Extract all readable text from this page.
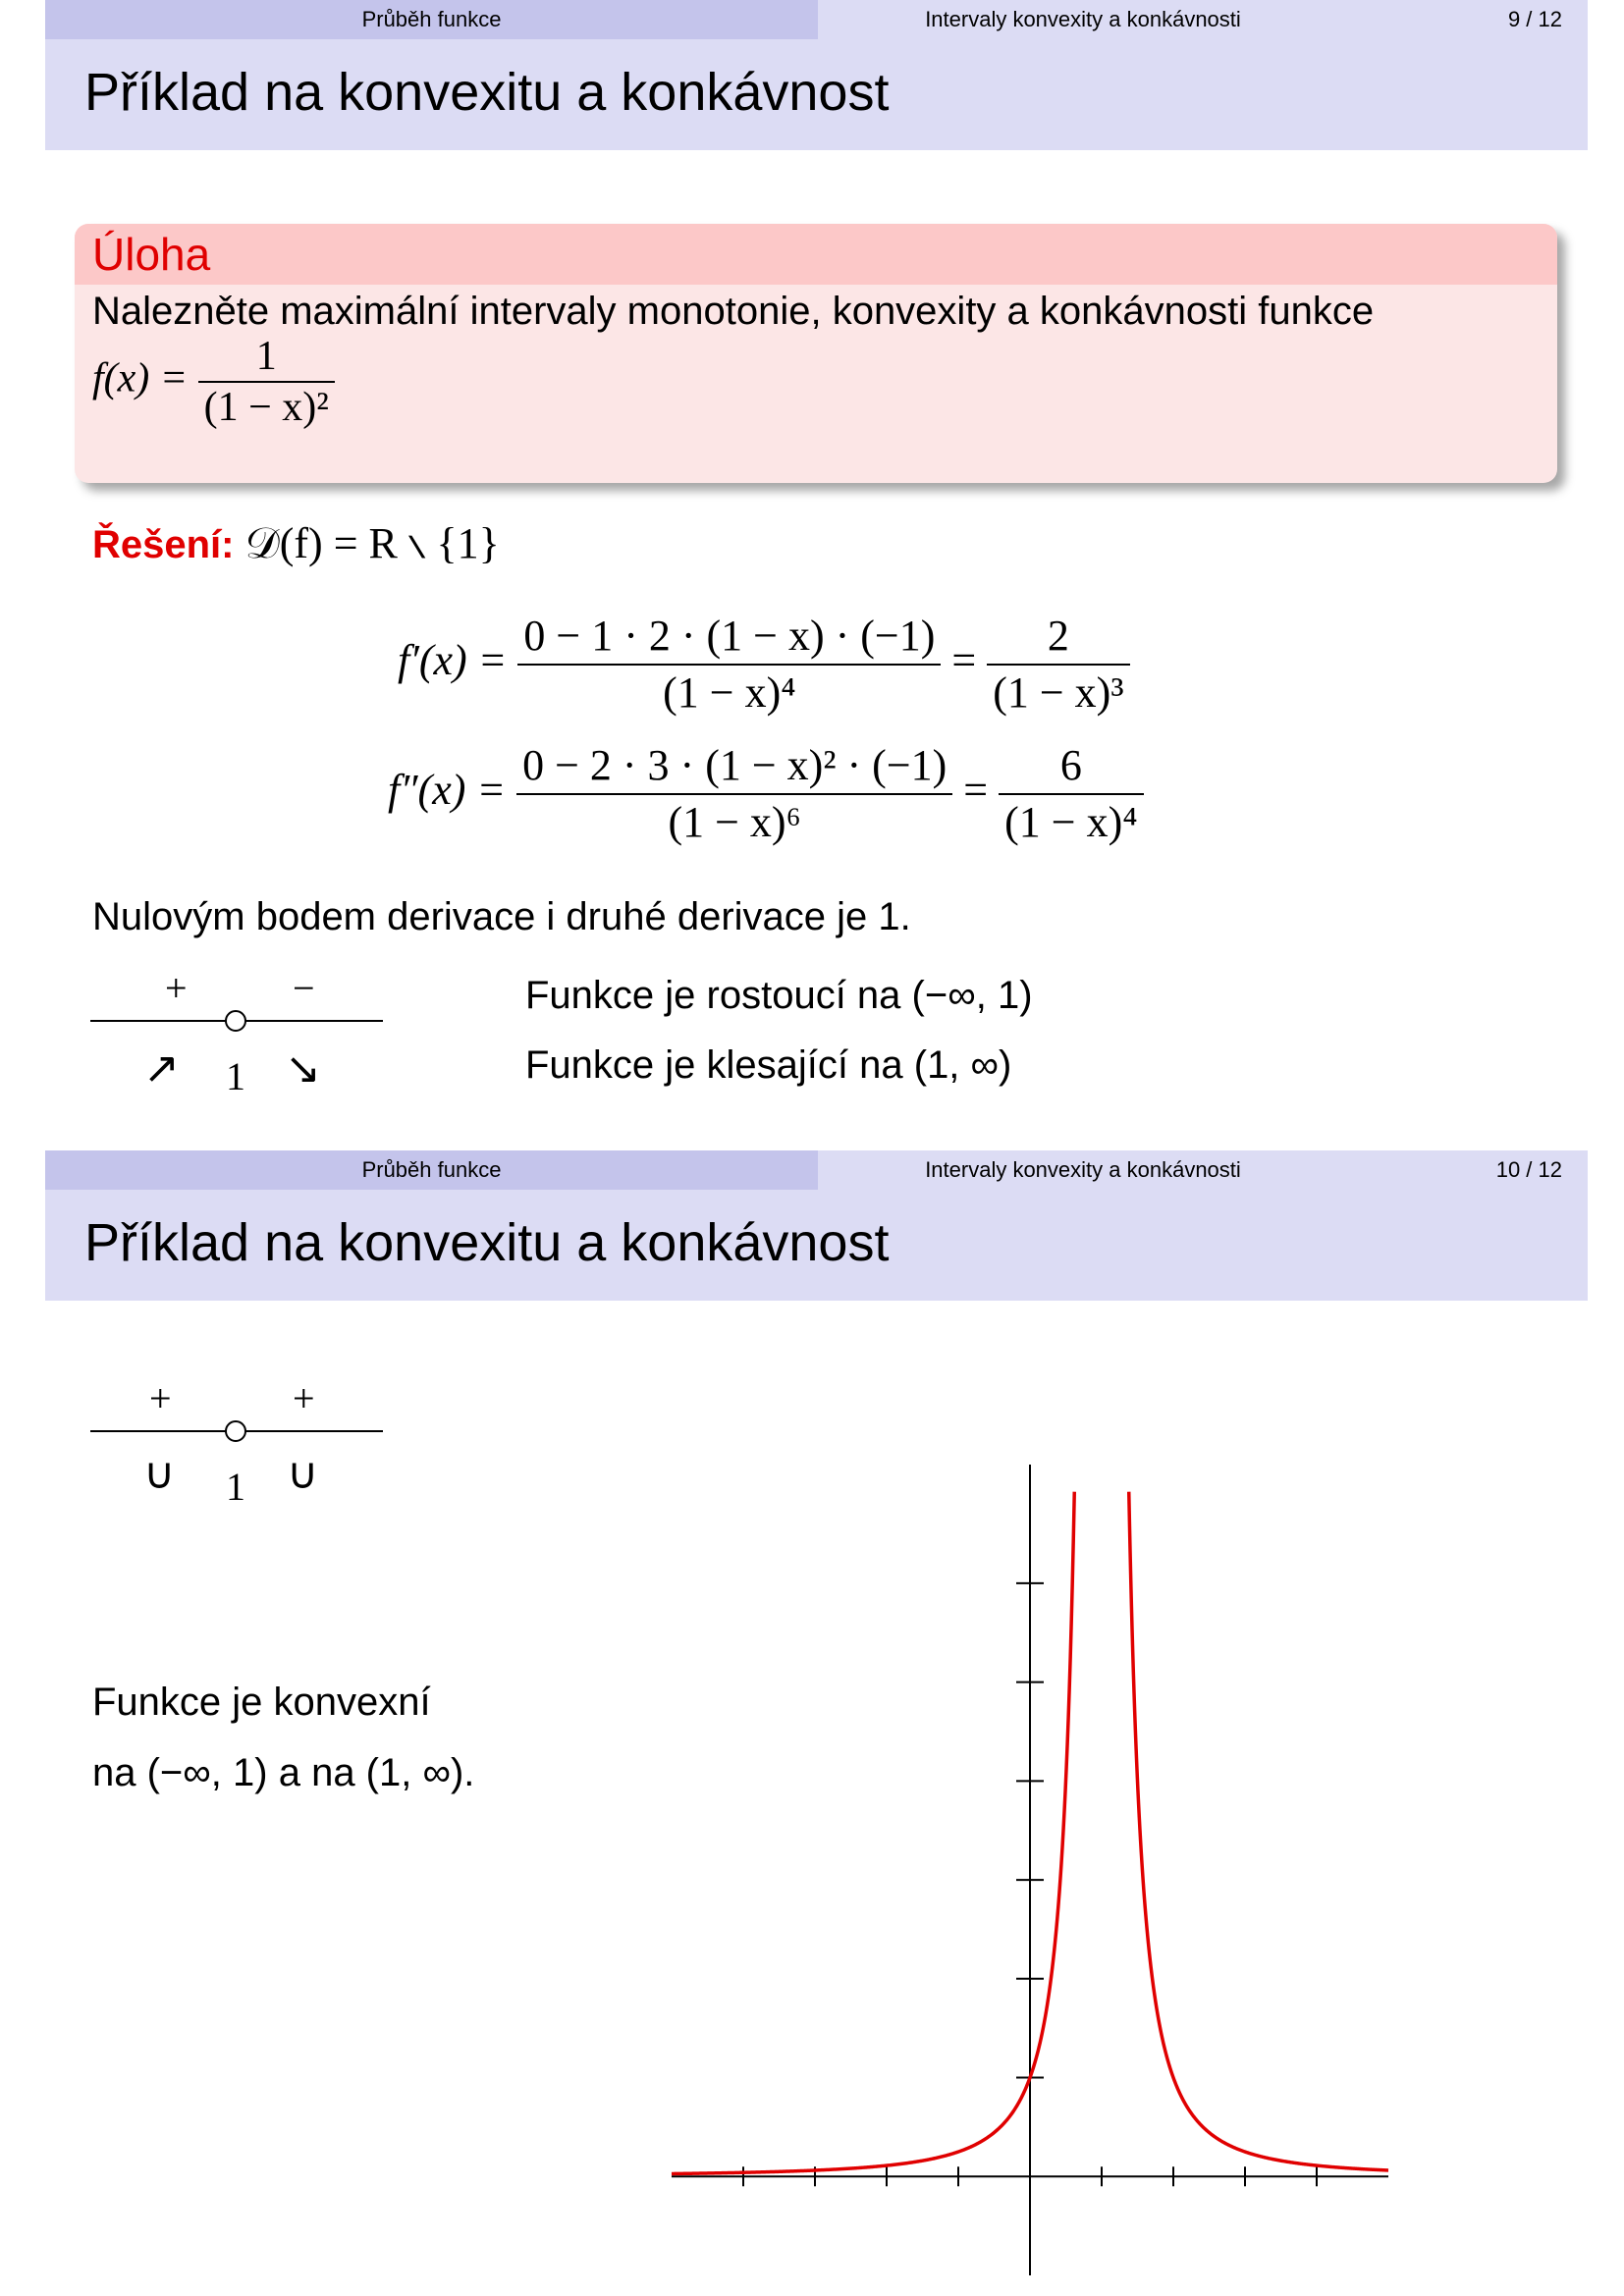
Průběh funkce	Intervaly konvexity a konkávnosti	9 / 12
Příklad na konvexitu a konkávnost
Úloha
Nalezněte maximální intervaly monotonie, konvexity a konkávnosti funkce
$f(x) = \frac{1}{\text{(1 − x)²}}$
Řešení: 𝒟(f) = R ∖ {1}
$f'(x) = \frac{0 - 1 \cdot 2 \cdot (1 - x) \cdot (-1)}{\text{(1 − x)⁴}} = \frac{2}{\text{(1 − x)³}}$
$f''(x) = \frac{\text{0 − 2 · 3 · (1 − x)² · (−1)}}{\text{(1 − x)⁶}} = \frac{6}{\text{(1 − x)⁴}}$
Nulovým bodem derivace i druhé derivace je 1.
+	−
1
↗ ↘
Funkce je rostoucí na (−∞, 1)
Funkce je klesající na (1, ∞)
Průběh funkce	Intervaly konvexity a konkávnosti	10 / 12
Příklad na konvexitu a konkávnost
+	+
1
∪	∪
Funkce je konvexní
na (−∞, 1) a na (1, ∞).
